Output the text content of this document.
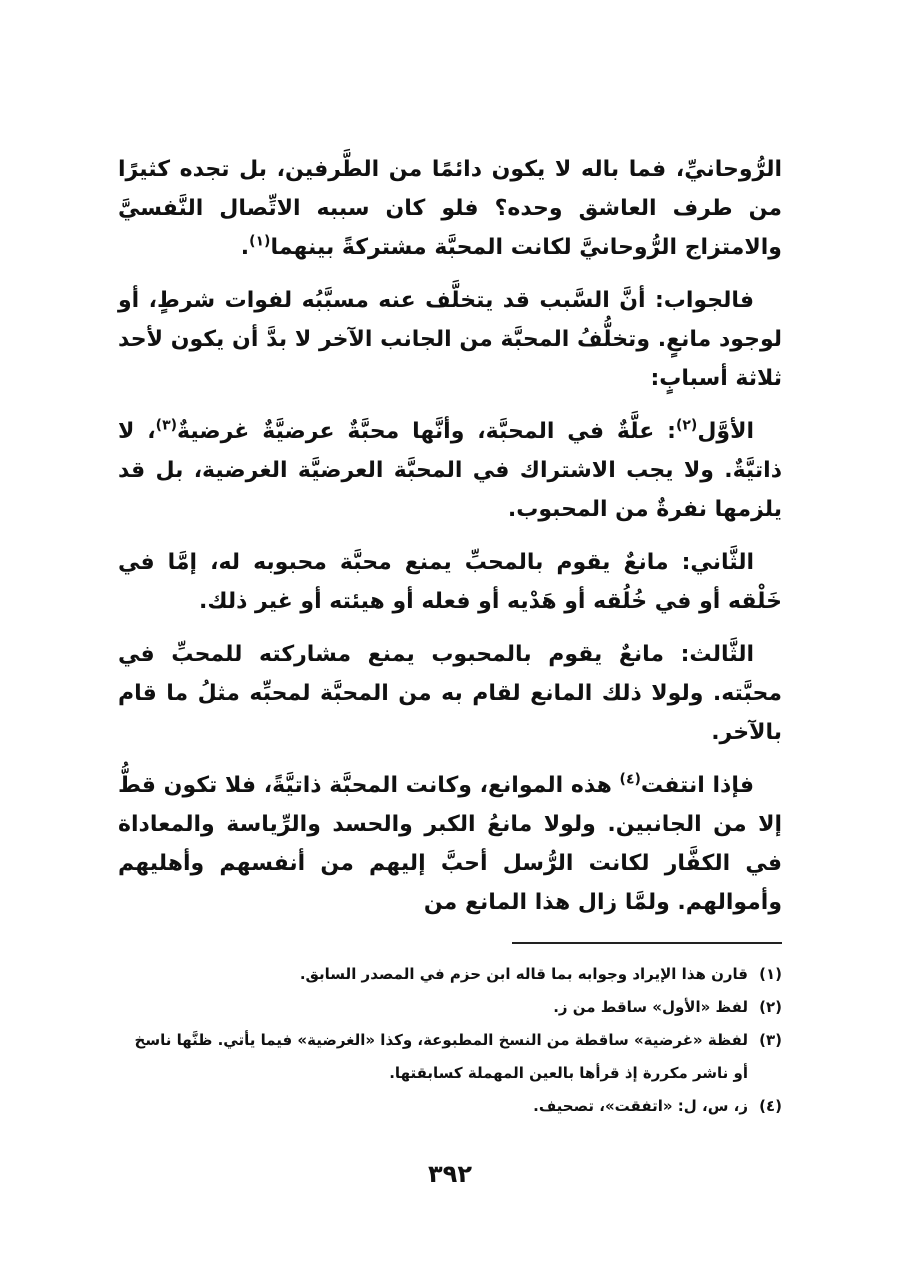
الرُّوحانيِّ، فما باله لا يكون دائمًا من الطَّرفين، بل تجده كثيرًا من طرف العاشق وحده؟ فلو كان سببه الاتِّصال النَّفسيَّ والامتزاج الرُّوحانيَّ لكانت المحبَّة مشتركةً بينهما$^{(١)}$.

فالجواب: أنَّ السَّبب قد يتخلَّف عنه مسبَّبُه لفوات شرطٍ، أو لوجود مانعٍ. وتخلُّفُ المحبَّة من الجانب الآخر لا بدَّ أن يكون لأحد ثلاثة أسبابٍ:

الأوَّل$^{(٢)}$: علَّةٌ في المحبَّة، وأنَّها محبَّةٌ عرضيَّةٌ غرضيةٌ$^{(٣)}$، لا ذاتيَّةٌ. ولا يجب الاشتراك في المحبَّة العرضيَّة الغرضية، بل قد يلزمها نفرةٌ من المحبوب.

الثَّاني: مانعٌ يقوم بالمحبِّ يمنع محبَّة محبوبه له، إمَّا في خَلْقه أو في خُلُقه أو هَدْيه أو فعله أو هيئته أو غير ذلك.

الثَّالث: مانعٌ يقوم بالمحبوب يمنع مشاركته للمحبِّ في محبَّته. ولولا ذلك المانع لقام به من المحبَّة لمحبِّه مثلُ ما قام بالآخر.

فإذا انتفت$^{(٤)}$ هذه الموانع، وكانت المحبَّة ذاتيَّةً، فلا تكون قطُّ إلا من الجانبين. ولولا مانعُ الكبر والحسد والرِّياسة والمعاداة في الكفَّار لكانت الرُّسل أحبَّ إليهم من أنفسهم وأهليهم وأموالهم. ولمَّا زال هذا المانع من

(١)
قارن هذا الإيراد وجوابه بما قاله ابن حزم في المصدر السابق.
(٢)
لفظ «الأول» ساقط من ز.
(٣)
لفظة «غرضية» ساقطة من النسخ المطبوعة، وكذا «الغرضية» فيما يأتي. ظنَّها ناسخ أو ناشر مكررة إذ قرأها بالعين المهملة كسابقتها.
(٤)
ز، س، ل: «اتفقت»، تصحيف.
٣٩٢
